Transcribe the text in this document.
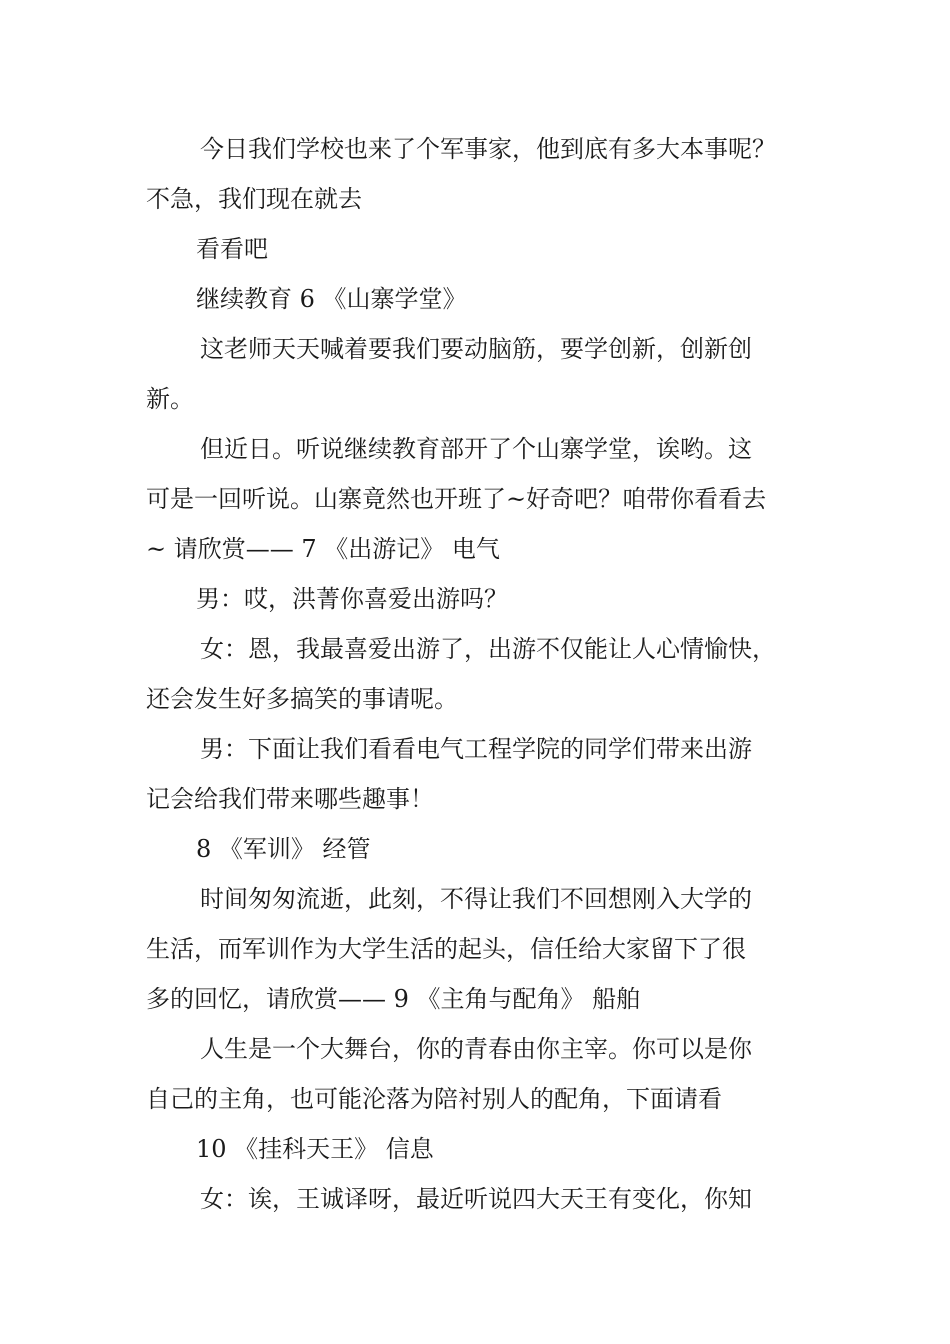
今日我们学校也来了个军事家，他到底有多大本事呢？
不急，我们现在就去
看看吧
继续教育 6 《山寨学堂》
这老师天天喊着要我们要动脑筋，要学创新，创新创
新。
但近日。听说继续教育部开了个山寨学堂，诶哟。这
可是一回听说。山寨竟然也开班了~好奇吧？咱带你看看去
~ 请欣赏—— 7 《出游记》 电气
男：哎，洪菁你喜爱出游吗？
女：恩，我最喜爱出游了，出游不仅能让人心情愉快，
还会发生好多搞笑的事请呢。
男：下面让我们看看电气工程学院的同学们带来出游
记会给我们带来哪些趣事！
8 《军训》 经管
时间匆匆流逝，此刻，不得让我们不回想刚入大学的
生活，而军训作为大学生活的起头，信任给大家留下了很
多的回忆，请欣赏—— 9 《主角与配角》 船舶
人生是一个大舞台，你的青春由你主宰。你可以是你
自己的主角，也可能沦落为陪衬别人的配角，下面请看
10 《挂科天王》 信息
女：诶，王诚译呀，最近听说四大天王有变化，你知
